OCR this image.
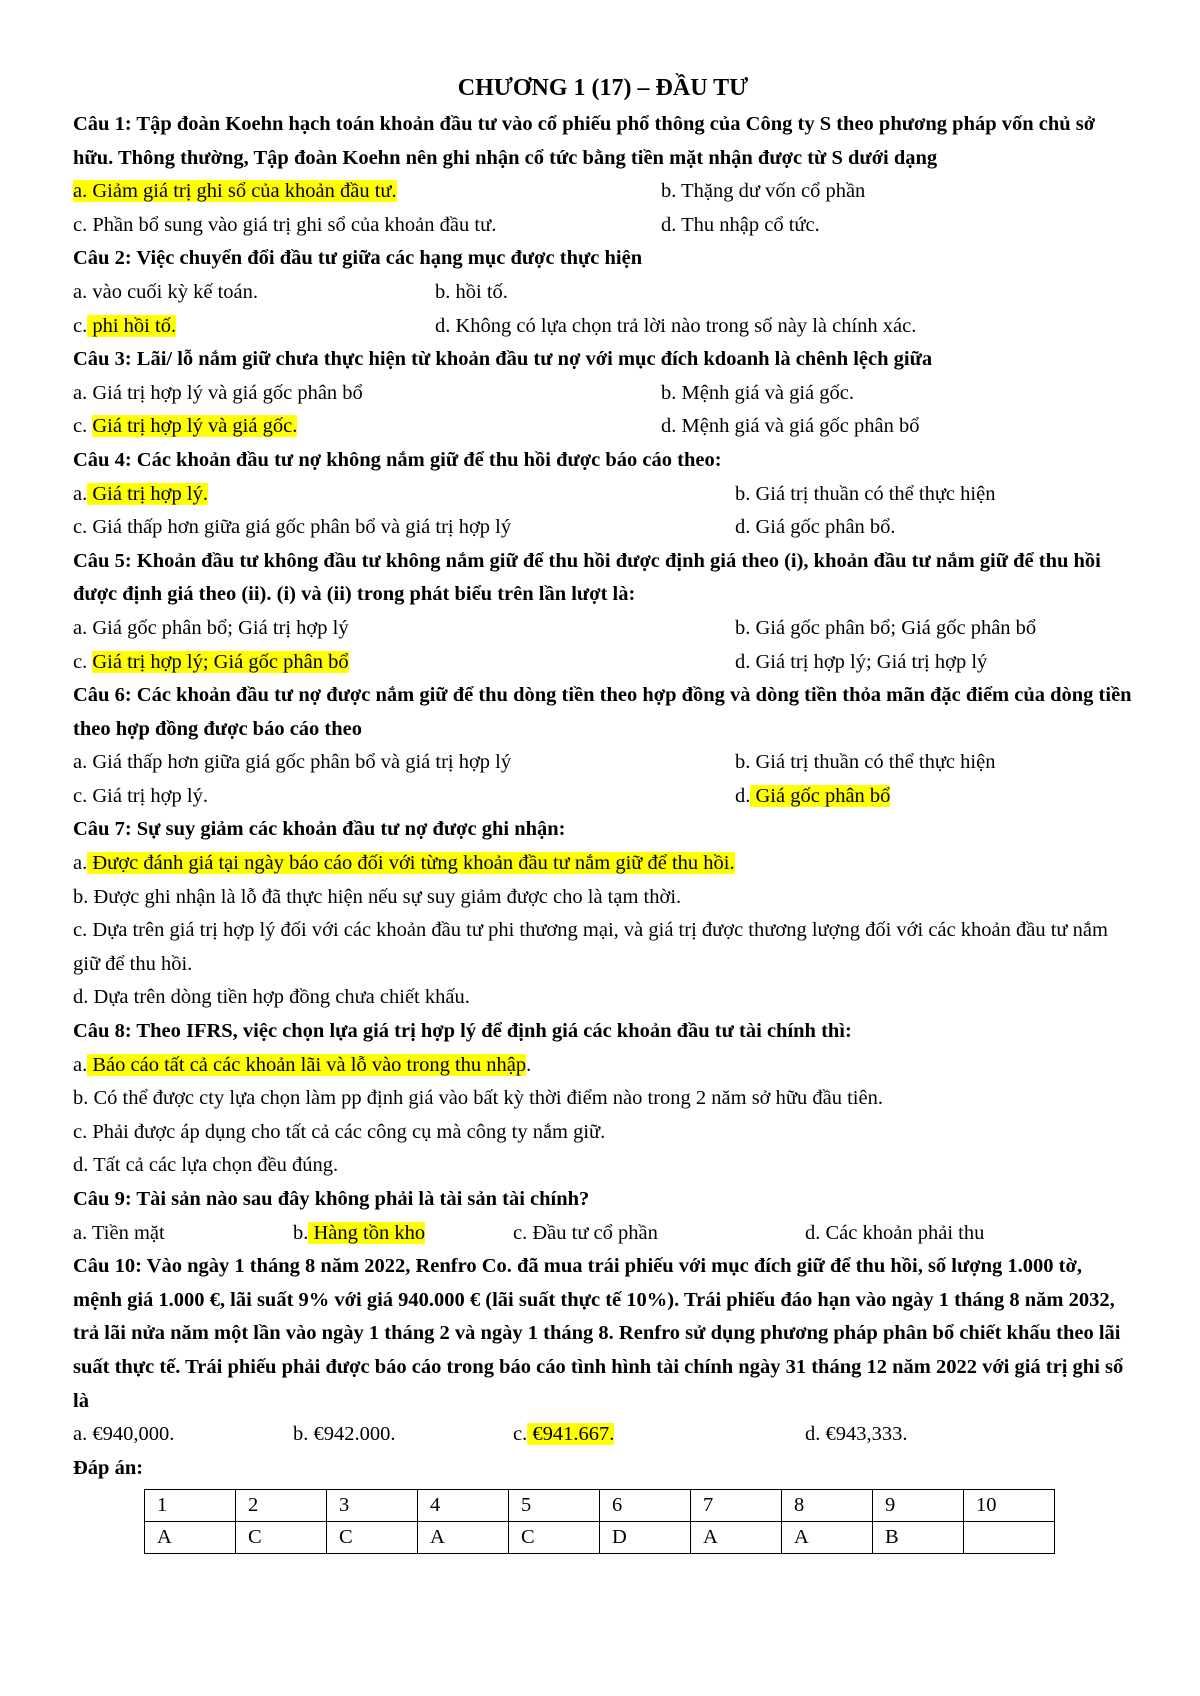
CHƯƠNG 1 (17) – ĐẦU TƯ
Câu 1: Tập đoàn Koehn hạch toán khoản đầu tư vào cổ phiếu phổ thông của Công ty S theo phương pháp vốn chủ sở hữu. Thông thường, Tập đoàn Koehn nên ghi nhận cổ tức bằng tiền mặt nhận được từ S dưới dạng
a. Giảm giá trị ghi sổ của khoản đầu tư.	b. Thặng dư vốn cổ phần
c. Phần bổ sung vào giá trị ghi sổ của khoản đầu tư.	d. Thu nhập cổ tức.
Câu 2: Việc chuyển đổi đầu tư giữa các hạng mục được thực hiện
a. vào cuối kỳ kế toán.	b. hồi tố.
c. phi hồi tố.	d. Không có lựa chọn trả lời nào trong số này là chính xác.
Câu 3: Lãi/ lỗ nắm giữ chưa thực hiện từ khoản đầu tư nợ với mục đích kdoanh là chênh lệch giữa
a. Giá trị hợp lý và giá gốc phân bổ	b. Mệnh giá và giá gốc.
c. Giá trị hợp lý và giá gốc.	d. Mệnh giá và giá gốc phân bổ
Câu 4: Các khoản đầu tư nợ không nắm giữ để thu hồi được báo cáo theo:
a. Giá trị hợp lý.	b. Giá trị thuần có thể thực hiện
c. Giá thấp hơn giữa giá gốc phân bổ và giá trị hợp lý	d. Giá gốc phân bổ.
Câu 5: Khoản đầu tư không đầu tư không nắm giữ để thu hồi được định giá theo (i), khoản đầu tư nắm giữ để thu hồi được định giá theo (ii). (i) và (ii) trong phát biểu trên lần lượt là:
a. Giá gốc phân bổ; Giá trị hợp lý	b. Giá gốc phân bổ; Giá gốc phân bổ
c. Giá trị hợp lý; Giá gốc phân bổ	d. Giá trị hợp lý; Giá trị hợp lý
Câu 6: Các khoản đầu tư nợ được nắm giữ để thu dòng tiền theo hợp đồng và dòng tiền thỏa mãn đặc điểm của dòng tiền theo hợp đồng được báo cáo theo
a. Giá thấp hơn giữa giá gốc phân bổ và giá trị hợp lý	b. Giá trị thuần có thể thực hiện
c. Giá trị hợp lý.	d. Giá gốc phân bổ
Câu 7: Sự suy giảm các khoản đầu tư nợ được ghi nhận:
a. Được đánh giá tại ngày báo cáo đối với từng khoản đầu tư nắm giữ để thu hồi.
b. Được ghi nhận là lỗ đã thực hiện nếu sự suy giảm được cho là tạm thời.
c. Dựa trên giá trị hợp lý đối với các khoản đầu tư phi thương mại, và giá trị được thương lượng đối với các khoản đầu tư nắm giữ để thu hồi.
d. Dựa trên dòng tiền hợp đồng chưa chiết khấu.
Câu 8: Theo IFRS, việc chọn lựa giá trị hợp lý để định giá các khoản đầu tư tài chính thì:
a. Báo cáo tất cả các khoản lãi và lỗ vào trong thu nhập.
b. Có thể được cty lựa chọn làm pp định giá vào bất kỳ thời điểm nào trong 2 năm sở hữu đầu tiên.
c. Phải được áp dụng cho tất cả các công cụ mà công ty nắm giữ.
d. Tất cả các lựa chọn đều đúng.
Câu 9: Tài sản nào sau đây không phải là tài sản tài chính?
a. Tiền mặt	b. Hàng tồn kho	c. Đầu tư cổ phần	d. Các khoản phải thu
Câu 10: Vào ngày 1 tháng 8 năm 2022, Renfro Co. đã mua trái phiếu với mục đích giữ để thu hồi, số lượng 1.000 tờ, mệnh giá 1.000 €, lãi suất 9% với giá 940.000 € (lãi suất thực tế 10%). Trái phiếu đáo hạn vào ngày 1 tháng 8 năm 2032, trả lãi nửa năm một lần vào ngày 1 tháng 2 và ngày 1 tháng 8. Renfro sử dụng phương pháp phân bổ chiết khấu theo lãi suất thực tế. Trái phiếu phải được báo cáo trong báo cáo tình hình tài chính ngày 31 tháng 12 năm 2022 với giá trị ghi sổ là
a. €940,000.	b. €942.000.	c. €941.667.	d. €943,333.
Đáp án:
1	2	3	4	5	6	7	8	9	10
A	C	C	A	C	D	A	A	B	
